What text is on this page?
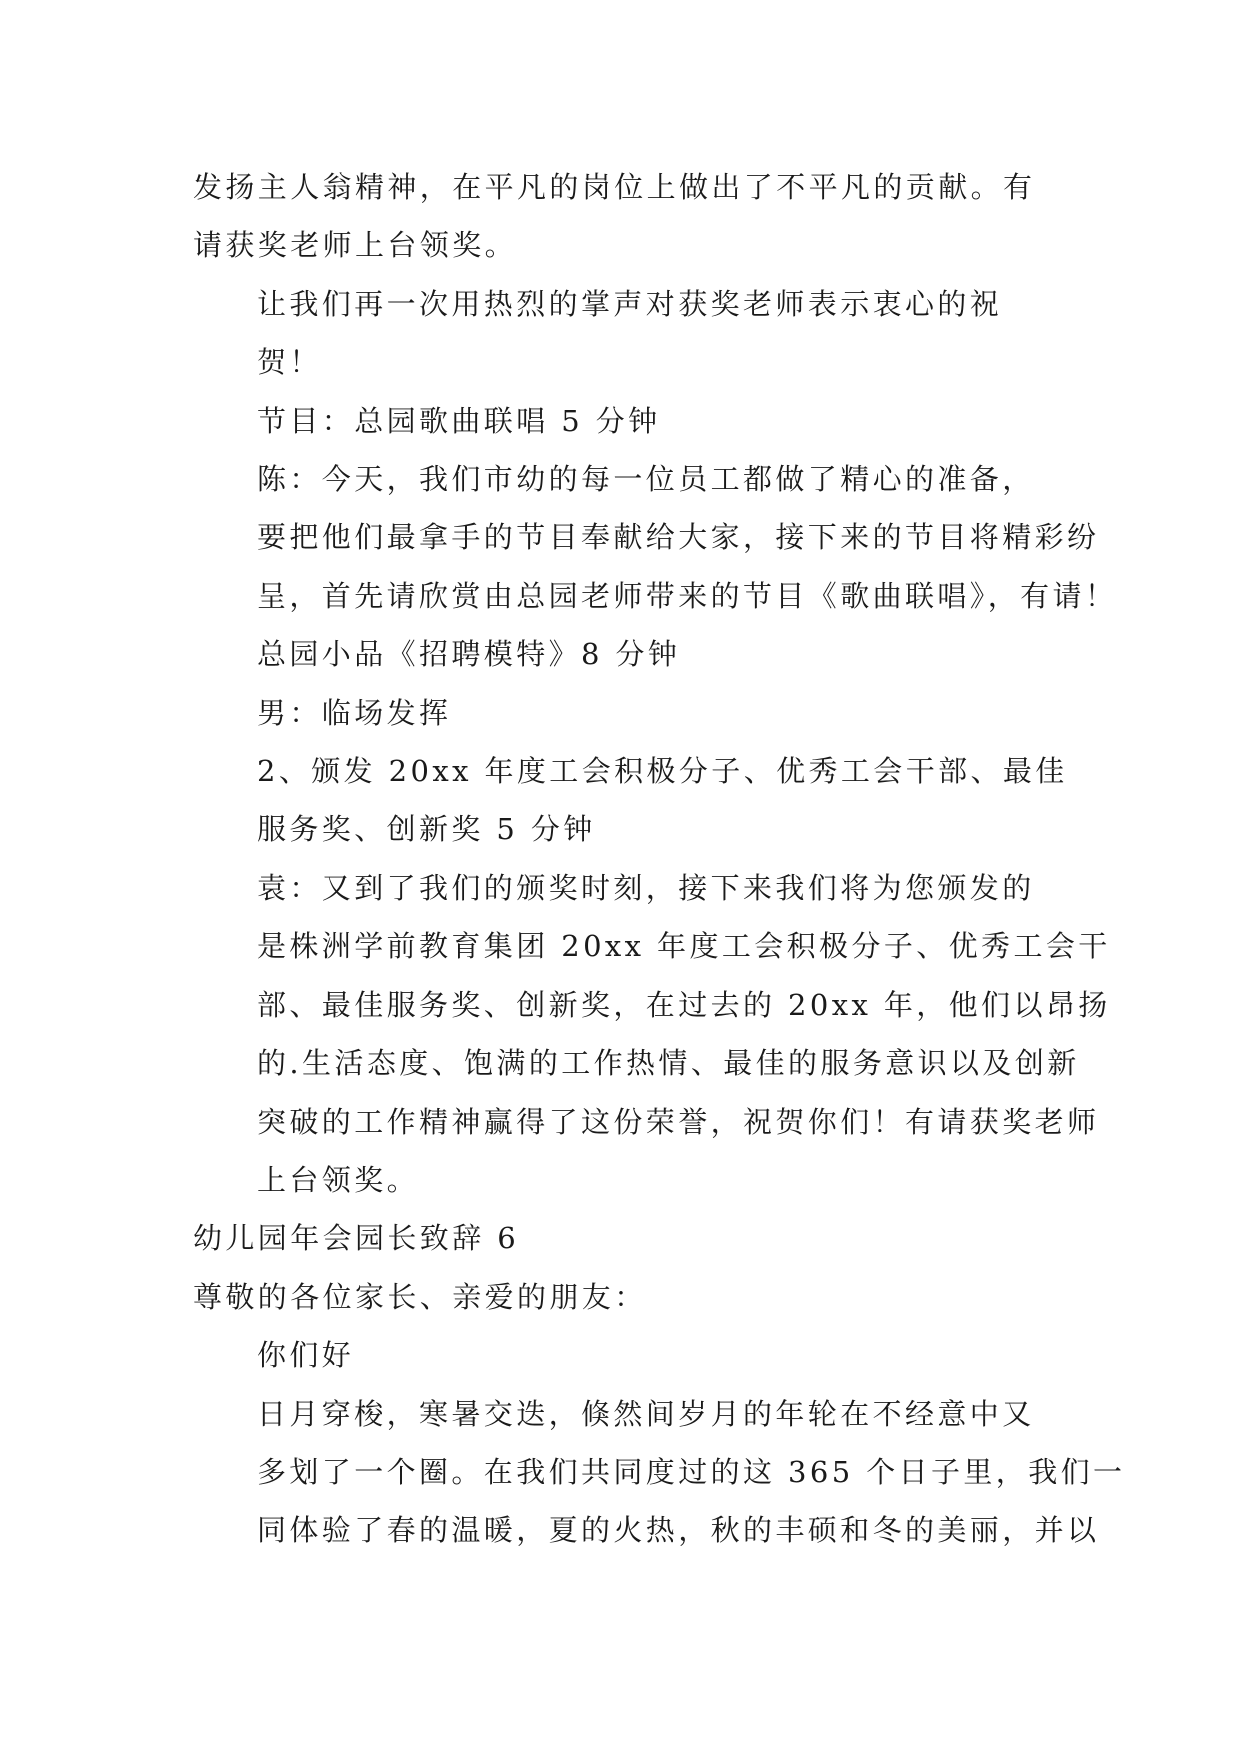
发扬主人翁精神，在平凡的岗位上做出了不平凡的贡献。有
请获奖老师上台领奖。
让我们再一次用热烈的掌声对获奖老师表示衷心的祝
贺！
节目：总园歌曲联唱 5 分钟
陈：今天，我们市幼的每一位员工都做了精心的准备，
要把他们最拿手的节目奉献给大家，接下来的节目将精彩纷
呈，首先请欣赏由总园老师带来的节目《歌曲联唱》，有请！
总园小品《招聘模特》8 分钟
男：临场发挥
2、颁发 20xx 年度工会积极分子、优秀工会干部、最佳
服务奖、创新奖 5 分钟
袁：又到了我们的颁奖时刻，接下来我们将为您颁发的
是株洲学前教育集团 20xx 年度工会积极分子、优秀工会干
部、最佳服务奖、创新奖，在过去的 20xx 年，他们以昂扬
的.生活态度、饱满的工作热情、最佳的服务意识以及创新
突破的工作精神赢得了这份荣誉，祝贺你们！有请获奖老师
上台领奖。
幼儿园年会园长致辞 6
尊敬的各位家长、亲爱的朋友：
你们好
日月穿梭，寒暑交迭，倏然间岁月的年轮在不经意中又
多划了一个圈。在我们共同度过的这 365 个日子里，我们一
同体验了春的温暖，夏的火热，秋的丰硕和冬的美丽，并以
